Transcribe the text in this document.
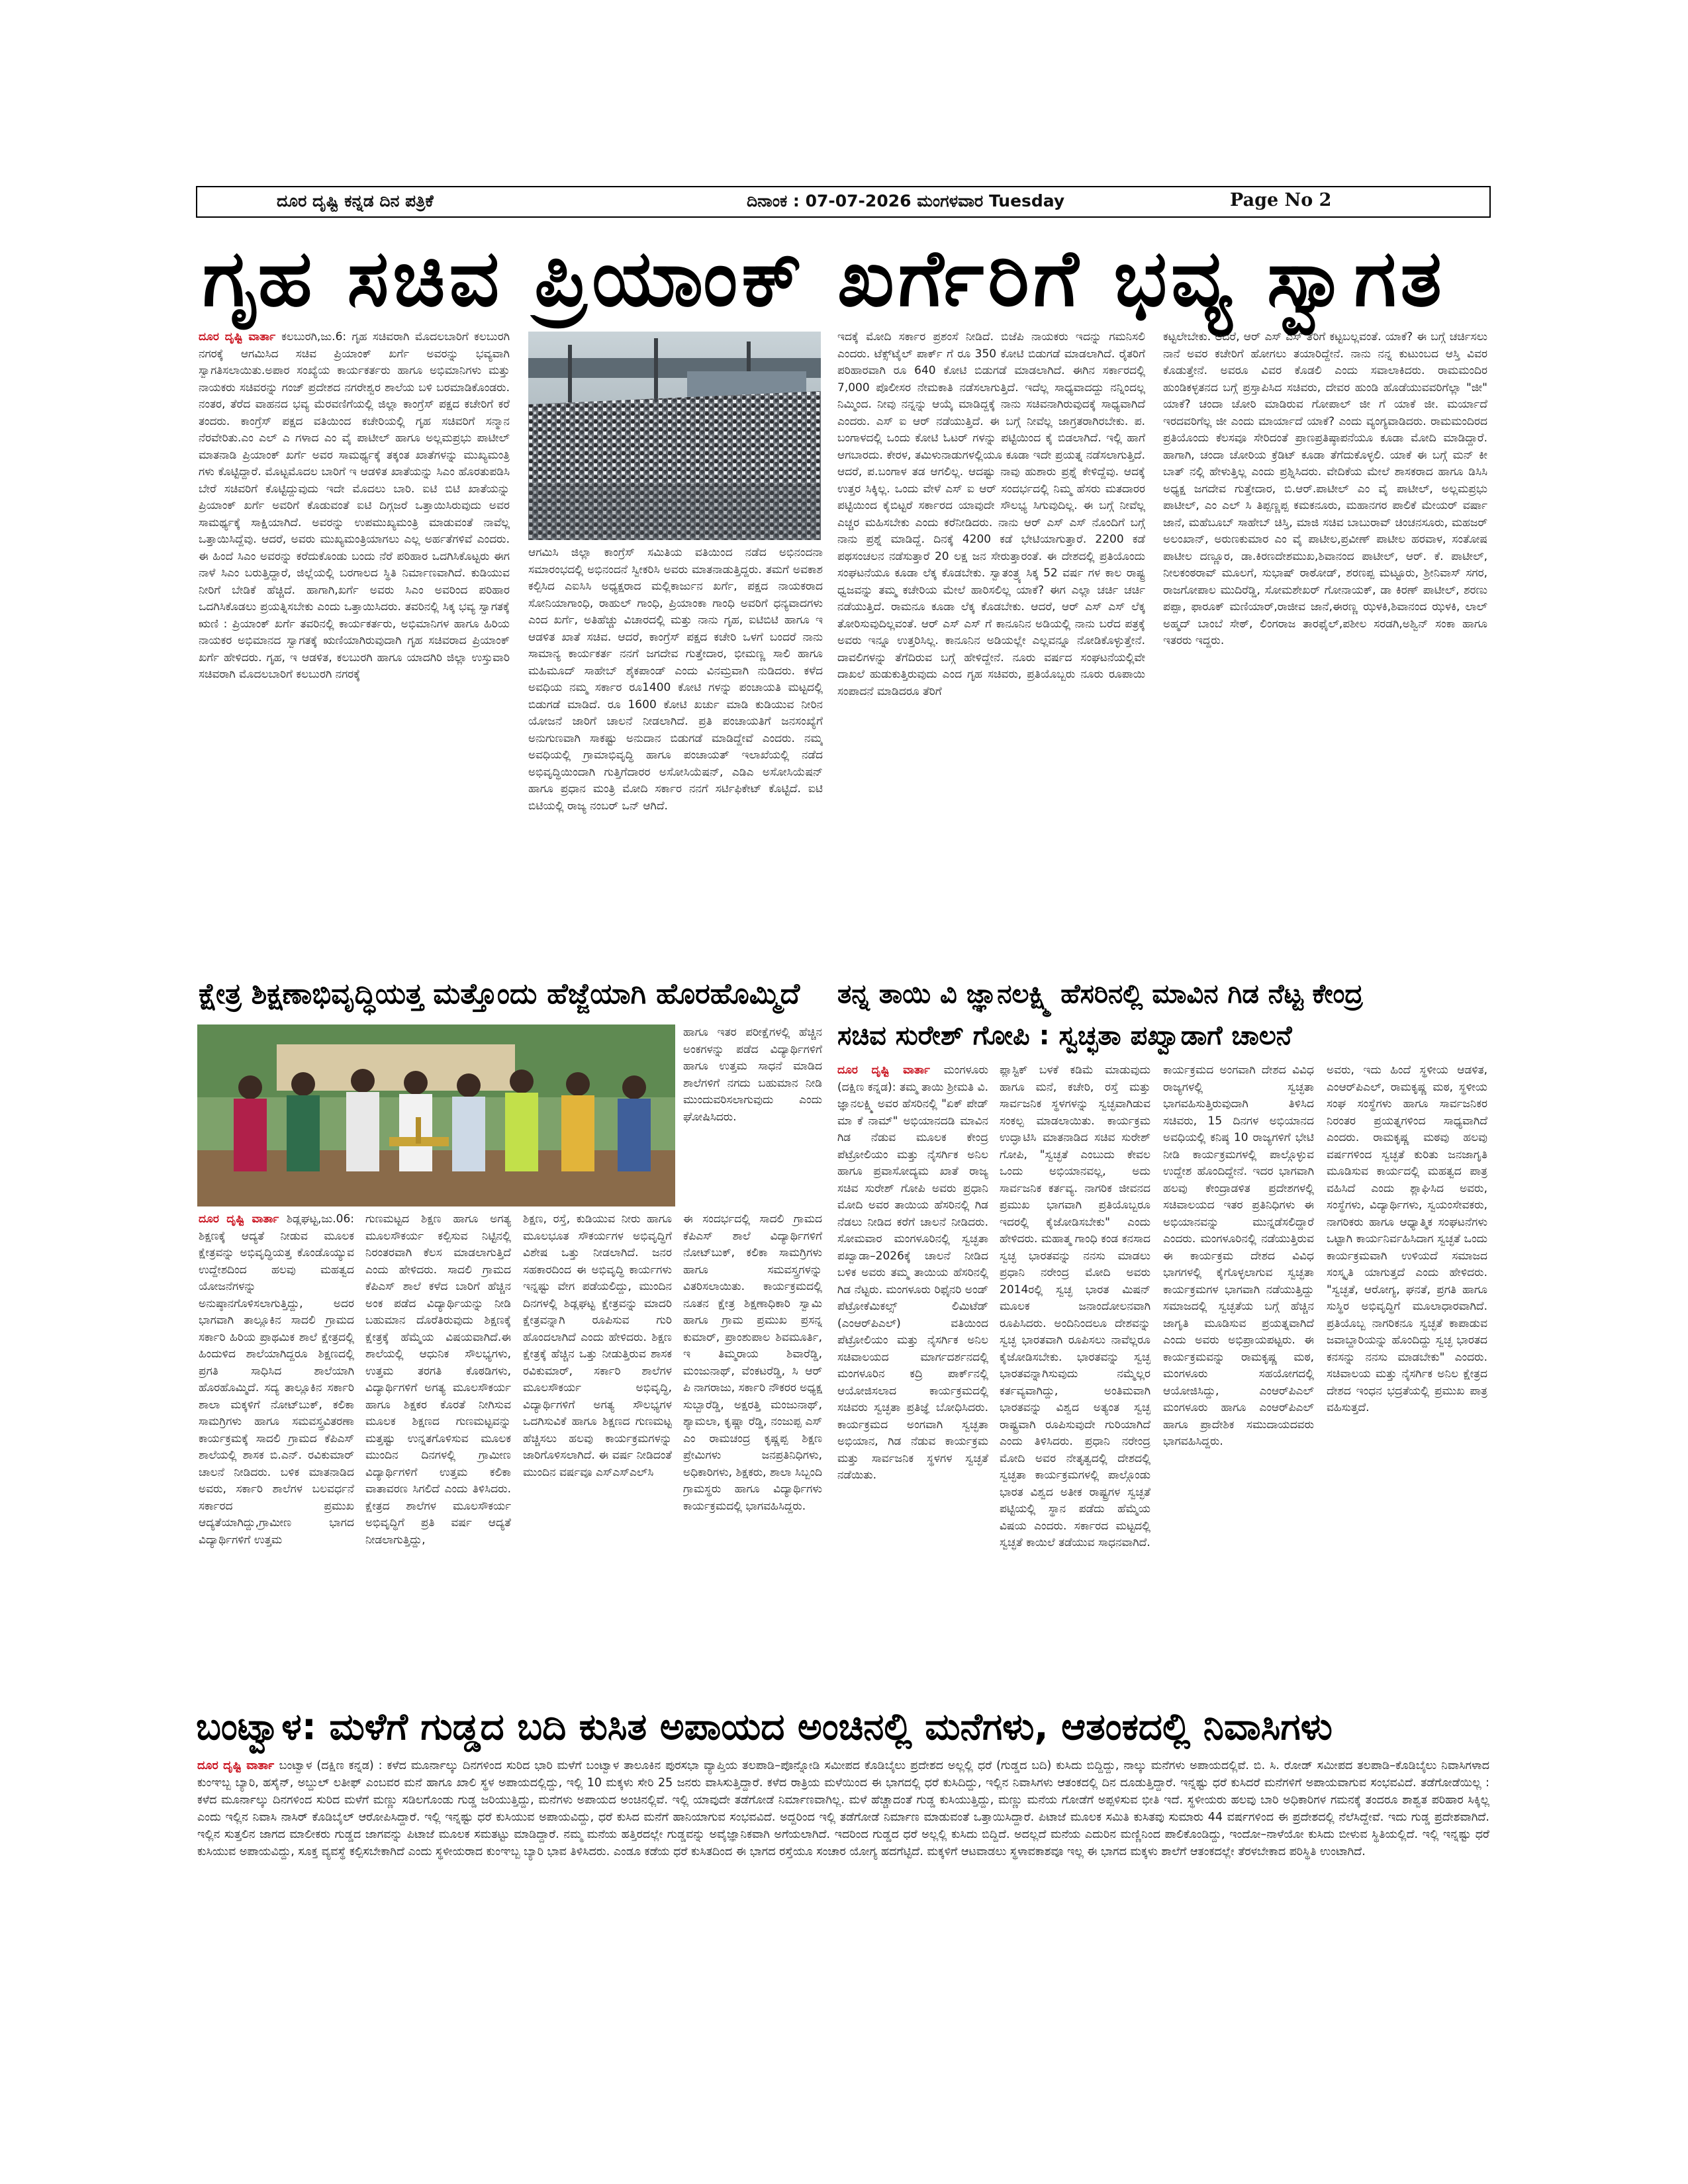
ದೂರ ದೃಷ್ಟಿ ಕನ್ನಡ ದಿನ ಪತ್ರಿಕೆ	ದಿನಾಂಕ : 07-07-2026 ಮಂಗಳವಾರ Tuesday	Page No 2
ಗೃಹ ಸಚಿವ ಪ್ರಿಯಾಂಕ್ ಖರ್ಗೆರಿಗೆ ಭವ್ಯ ಸ್ವಾಗತ
ದೂರ ದೃಷ್ಟಿ ವಾರ್ತಾ ಕಲಬುರಗಿ,ಜು.6: ಗೃಹ ಸಚಿವರಾಗಿ ಮೊದಲಬಾರಿಗೆ ಕಲಬುರಗಿ ನಗರಕ್ಕೆ ಆಗಮಿಸಿದ ಸಚಿವ ಪ್ರಿಯಾಂಕ್ ಖರ್ಗೆ ಅವರನ್ನು ಭವ್ಯವಾಗಿ ಸ್ವಾಗತಿಸಲಾಯಿತು.ಅಪಾರ ಸಂಖ್ಯೆಯ ಕಾರ್ಯಕರ್ತರು ಹಾಗೂ ಅಭಿಮಾನಿಗಳು ಮತ್ತು ನಾಯಕರು ಸಚಿವರನ್ನು ಗಂಜ್ ಪ್ರದೇಶದ ನಗರೇಶ್ವರ ಶಾಲೆಯ ಬಳಿ ಬರಮಾಡಿಕೊಂಡರು. ನಂತರ, ತೆರೆದ ವಾಹನದ ಭವ್ಯ ಮೆರವಣಿಗೆಯಲ್ಲಿ ಜಿಲ್ಲಾ ಕಾಂಗ್ರೆಸ್ ಪಕ್ಷದ ಕಚೇರಿಗೆ ಕರೆ ತಂದರು. ಕಾಂಗ್ರೆಸ್ ಪಕ್ಷದ ವತಿಯಿಂದ ಕಚೇರಿಯಲ್ಲಿ ಗೃಹ ಸಚಿವರಿಗೆ ಸನ್ಮಾನ ನೆರವೇರಿತು.ಎಂ ಎಲ್ ಎ ಗಳಾದ ಎಂ ವೈ ಪಾಟೀಲ್ ಹಾಗೂ ಅಲ್ಲಮಪ್ರಭು ಪಾಟೀಲ್ ಮಾತನಾಡಿ ಪ್ರಿಯಾಂಕ್ ಖರ್ಗೆ ಅವರ ಸಾಮರ್ಥ್ಯಕ್ಕೆ ತಕ್ಕಂತ ಖಾತೆಗಳನ್ನು ಮುಖ್ಯಮಂತ್ರಿ ಗಳು ಕೊಟ್ಟಿದ್ದಾರೆ. ಮೊಟ್ಟಮೊದಲ ಬಾರಿಗೆ ಇ ಆಡಳಿತ ಖಾತೆಯನ್ನು ಸಿಎಂ ಹೊರತುಪಡಿಸಿ ಬೇರೆ ಸಚಿವರಿಗೆ ಕೊಟ್ಟಿದ್ದುವುದು ಇದೇ ಮೊದಲು ಬಾರಿ. ಐಟಿ ಬಿಟಿ ಖಾತೆಯನ್ನು ಪ್ರಿಯಾಂಕ್ ಖರ್ಗೆ ಅವರಿಗೆ ಕೊಡುವಂತೆ ಐಟಿ ದಿಗ್ಗಜರೆ ಒತ್ತಾಯಿಸಿರುವುದು ಅವರ ಸಾಮರ್ಥ್ಯಕ್ಕೆ ಸಾಕ್ಷಿಯಾಗಿದೆ. ಅವರನ್ನು ಉಪಮುಖ್ಯಮಂತ್ರಿ ಮಾಡುವಂತೆ ನಾವೆಲ್ಲ ಒತ್ತಾಯಿಸಿದ್ದೆವು. ಆದರೆ, ಅವರು ಮುಖ್ಯಮಂತ್ರಿಯಾಗಲು ಎಲ್ಲ ಅರ್ಹತೆಗಳಿವೆ ಎಂದರು. ಈ ಹಿಂದೆ ಸಿಎಂ ಅವರನ್ನು ಕರೆದುಕೊಂಡು ಬಂದು ನೆರೆ ಪರಿಹಾರ ಒದಗಿಸಿಕೊಟ್ಟರು ಈಗ ನಾಳೆ ಸಿಎಂ ಬರುತ್ತಿದ್ದಾರೆ, ಜಿಲ್ಲೆಯಲ್ಲಿ ಬರಗಾಲದ ಸ್ಥಿತಿ ನಿರ್ಮಾಣವಾಗಿದೆ. ಕುಡಿಯುವ ನೀರಿಗೆ ಬೇಡಿಕೆ ಹೆಚ್ಚಿದೆ. ಹಾಗಾಗಿ,ಖರ್ಗೆ ಅವರು ಸಿಎಂ ಅವರಿಂದ ಪರಿಹಾರ ಒದಗಿಸಿಕೊಡಲು ಪ್ರಯತ್ನಿಸಬೇಕು ಎಂದು ಒತ್ತಾಯಿಸಿದರು. ತವರಿನಲ್ಲಿ ಸಿಕ್ಕ ಭವ್ಯ ಸ್ವಾಗತಕ್ಕೆ ಋಣಿ : ಪ್ರಿಯಾಂಕ್ ಖರ್ಗೆ ತವರಿನಲ್ಲಿ ಕಾರ್ಯಕರ್ತರು, ಅಭಿಮಾನಿಗಳ ಹಾಗೂ ಹಿರಿಯ ನಾಯಕರ ಅಭಿಮಾನದ ಸ್ವಾಗತಕ್ಕೆ ಋಣಿಯಾಗಿರುವುದಾಗಿ ಗೃಹ ಸಚಿವರಾದ ಪ್ರಿಯಾಂಕ್ ಖರ್ಗೆ ಹೇಳಿದರು. ಗೃಹ, ಇ ಆಡಳಿತ, ಕಲಬುರಗಿ ಹಾಗೂ ಯಾದಗಿರಿ ಜಿಲ್ಲಾ ಉಸ್ತುವಾರಿ ಸಚಿವರಾಗಿ ಮೊದಲಬಾರಿಗೆ ಕಲಬುರಗಿ ನಗರಕ್ಕೆ
ಆಗಮಿಸಿ ಜಿಲ್ಲಾ ಕಾಂಗ್ರೆಸ್ ಸಮಿತಿಯ ವತಿಯಿಂದ ನಡೆದ ಅಭಿನಂದನಾ ಸಮಾರಂಭದಲ್ಲಿ ಅಭಿನಂದನೆ ಸ್ವೀಕರಿಸಿ ಅವರು ಮಾತನಾಡುತ್ತಿದ್ದರು. ತಮಗೆ ಅವಕಾಶ ಕಲ್ಪಿಸಿದ ಎಐಸಿಸಿ ಅಧ್ಯಕ್ಷರಾದ ಮಲ್ಲಿಕಾರ್ಜುನ ಖರ್ಗೆ, ಪಕ್ಷದ ನಾಯಕರಾದ ಸೋನಿಯಾಗಾಂಧಿ, ರಾಹುಲ್ ಗಾಂಧಿ, ಪ್ರಿಯಾಂಕಾ ಗಾಂಧಿ ಅವರಿಗೆ ಧನ್ಯವಾದಗಳು ಎಂದ ಖರ್ಗೆ, ಅತಿಹೆಚ್ಚು ವಿಚಾರದಲ್ಲಿ ಮತ್ತು ನಾನು ಗೃಹ, ಐಟಿಬಿಟಿ ಹಾಗೂ ಇ ಆಡಳಿತ ಖಾತೆ ಸಚಿವ. ಆದರೆ, ಕಾಂಗ್ರೆಸ್ ಪಕ್ಷದ ಕಚೇರಿ ಒಳಗೆ ಬಂದರೆ ನಾನು ಸಾಮಾನ್ಯ ಕಾರ್ಯಕರ್ತ ನನಗೆ ಜಗದೇವ ಗುತ್ತೇದಾರ, ಭೀಮಣ್ಣ ಸಾಲಿ ಹಾಗೂ ಮಹಿಮೂದ್ ಸಾಹೇಬ್ ಶೈಕಪಾಂಡ್ ಎಂದು ವಿನಮ್ರವಾಗಿ ನುಡಿದರು. ಕಳೆದ ಅವಧಿಯ ನಮ್ಮ ಸರ್ಕಾರ ರೂ1400 ಕೋಟಿ ಗಳನ್ನು ಪಂಚಾಯತಿ ಮಟ್ಟದಲ್ಲಿ ಬಿಡುಗಡೆ ಮಾಡಿದೆ. ರೂ 1600 ಕೋಟಿ ಖರ್ಚು ಮಾಡಿ ಕುಡಿಯುವ ನೀರಿನ ಯೋಜನೆ ಜಾರಿಗೆ ಚಾಲನೆ ನೀಡಲಾಗಿದೆ. ಪ್ರತಿ ಪಂಚಾಯತಿಗೆ ಜನಸಂಖ್ಯೆಗೆ ಅನುಗುಣವಾಗಿ ಸಾಕಷ್ಟು ಅನುದಾನ ಬಿಡುಗಡೆ ಮಾಡಿದ್ದೇವೆ ಎಂದರು. ನಮ್ಮ ಅವಧಿಯಲ್ಲಿ ಗ್ರಾಮಾಭಿವೃದ್ಧಿ ಹಾಗೂ ಪಂಚಾಯತ್ ಇಲಾಖೆಯಲ್ಲಿ ನಡೆದ ಅಭಿವೃದ್ಧಿಯಿಂದಾಗಿ ಗುತ್ತಿಗೆದಾರರ ಅಸೋಸಿಯೆಷನ್, ಎಡಿಎ ಅಸೋಸಿಯೆಷನ್ ಹಾಗೂ ಪ್ರಧಾನ ಮಂತ್ರಿ ಮೋದಿ ಸರ್ಕಾರ ನನಗೆ ಸರ್ಟಿಫಿಕೇಟ್ ಕೊಟ್ಟಿದೆ. ಐಟಿ ಬಿಟಿಯಲ್ಲಿ ರಾಜ್ಯ ನಂಬರ್ ಒನ್ ಆಗಿದೆ.
ಇದಕ್ಕೆ ಮೋದಿ ಸರ್ಕಾರ ಪ್ರಶಂಸೆ ನೀಡಿದೆ. ಬಿಜೆಪಿ ನಾಯಕರು ಇದನ್ನು ಗಮನಿಸಲಿ ಎಂದರು. ಟೆಕ್ಸ್‌ಟೈಲ್ ಪಾರ್ಕ್ ಗೆ ರೂ 350 ಕೋಟಿ ಬಿಡುಗಡೆ ಮಾಡಲಾಗಿದೆ. ರೈತರಿಗೆ ಪರಿಹಾರವಾಗಿ ರೂ 640 ಕೋಟಿ ಬಿಡುಗಡೆ ಮಾಡಲಾಗಿದೆ. ಈಗಿನ ಸರ್ಕಾರದಲ್ಲಿ 7,000 ಪೊಲೀಸರ ನೇಮಕಾತಿ ನಡೆಸಲಾಗುತ್ತಿದೆ. ಇದೆಲ್ಲ ಸಾಧ್ಯವಾದದ್ದು ನನ್ನಿಂದಲ್ಲ ನಿಮ್ಮಿಂದ. ನೀವು ನನ್ನನ್ನು ಆಯ್ಕೆ ಮಾಡಿದ್ದಕ್ಕೆ ನಾನು ಸಚಿವನಾಗಿರುವುದಕ್ಕೆ ಸಾಧ್ಯವಾಗಿದೆ ಎಂದರು. ಎಸ್ ಐ ಆರ್ ನಡೆಯುತ್ತಿದೆ. ಈ ಬಗ್ಗೆ ನೀವೆಲ್ಲ ಜಾಗ್ರತರಾಗಿರಬೇಕು. ಪ. ಬಂಗಾಳದಲ್ಲಿ ಒಂದು ಕೋಟಿ ಓಟರ್ ಗಳನ್ನು ಪಟ್ಟಿಯಿಂದ ಕೈ ಬಿಡಲಾಗಿದೆ. ಇಲ್ಲಿ ಹಾಗೆ ಆಗಬಾರದು. ಕೇರಳ, ತಮಿಳುನಾಡುಗಳಲ್ಲಿಯೂ ಕೂಡಾ ಇದೇ ಪ್ರಯತ್ನ ನಡೆಸಲಾಗುತ್ತಿದೆ. ಆದರೆ, ಪ.ಬಂಗಾಳ ತಡ ಆಗಲಿಲ್ಲ. ಆದಷ್ಟು ನಾವು ಹುಶಾರು ಪ್ರಶ್ನೆ ಕೇಳಿದ್ದೆವು. ಆದಕ್ಕೆ ಉತ್ತರ ಸಿಕ್ಕಿಲ್ಲ. ಒಂದು ವೇಳೆ ಎಸ್ ಐ ಆರ್ ಸಂದರ್ಭದಲ್ಲಿ ನಿಮ್ಮ ಹೆಸರು ಮತದಾರರ ಪಟ್ಟಿಯಿಂದ ಕೈಬಿಟ್ಟರೆ ಸರ್ಕಾರದ ಯಾವುದೇ ಸೌಲಭ್ಯ ಸಿಗುವುದಿಲ್ಲ. ಈ ಬಗ್ಗೆ ನೀವೆಲ್ಲ ಎಚ್ಚರ ಮಹಿಸಬೇಕು ಎಂದು ಕರೆನೀಡಿದರು. ನಾನು ಆರ್ ಎಸ್ ಎಸ್ ನೊಂದಿಗೆ ಬಗ್ಗೆ ನಾನು ಪ್ರಶ್ನೆ ಮಾಡಿದ್ದೆ. ದಿನಕ್ಕೆ 4200 ಕಡೆ ಭೇಟಿಯಾಗುತ್ತಾರೆ. 2200 ಕಡೆ ಪಥಸಂಚಲನ ನಡೆಸುತ್ತಾರೆ 20 ಲಕ್ಷ ಜನ ಸೇರುತ್ತಾರಂತೆ. ಈ ದೇಶದಲ್ಲಿ ಪ್ರತಿಯೊಂದು ಸಂಘಟನೆಯೂ ಕೂಡಾ ಲೆಕ್ಕ ಕೊಡಬೇಕು. ಸ್ವಾತಂತ್ರ್ಯ ಸಿಕ್ಕ 52 ವರ್ಷ ಗಳ ಕಾಲ ರಾಷ್ಟ್ರ ಧ್ವಜವನ್ನು ತಮ್ಮ ಕಚೇರಿಯ ಮೇಲೆ ಹಾರಿಸಲಿಲ್ಲ ಯಾಕೆ? ಈಗ ಎಲ್ಲಾ ಚರ್ಚಿ ಚರ್ಚಿ ನಡೆಯುತ್ತಿದೆ. ರಾಮನೂ ಕೂಡಾ ಲೆಕ್ಕ ಕೊಡಬೇಕು. ಆದರೆ, ಆರ್ ಎಸ್ ಎಸ್ ಲೆಕ್ಕ ತೋರಿಸುವುದಿಲ್ಲವಂತೆ. ಆರ್ ಎಸ್ ಎಸ್ ಗೆ ಕಾನೂನಿನ ಅಡಿಯಲ್ಲಿ ನಾನು ಬರೆದ ಪತ್ರಕ್ಕೆ ಅವರು ಇನ್ನೂ ಉತ್ತರಿಸಿಲ್ಲ. ಕಾನೂನಿನ ಅಡಿಯಲ್ಲೇ ಎಲ್ಲವನ್ನೂ ನೋಡಿಕೊಳ್ಳುತ್ತೇನೆ. ದಾವಲಿಗಳನ್ನು ತೆಗೆದಿರುವ ಬಗ್ಗೆ ಹೇಳಿದ್ದೇನೆ. ನೂರು ವರ್ಷದ ಸಂಘಟನೆಯಲ್ಲಿವೇ ದಾಖಲೆ ಹುಡುಕುತ್ತಿರುವುದು ಎಂದ ಗೃಹ ಸಚಿವರು, ಪ್ರತಿಯೊಬ್ಬರು ನೂರು ರೂಪಾಯಿ ಸಂಪಾದನೆ ಮಾಡಿದರೂ ತೆರಿಗೆ
ಕಟ್ಟಲೇಬೇಕು. ಆದರೆ, ಆರ್ ಎಸ್ ಎಸ್ ತೆರಿಗೆ ಕಟ್ಟಬಲ್ಲವಂತೆ. ಯಾಕೆ? ಈ ಬಗ್ಗೆ ಚರ್ಚಿಸಲು ನಾನೆ ಅವರ ಕಚೇರಿಗೆ ಹೋಗಲು ತಯಾರಿದ್ದೇನೆ. ನಾನು ನನ್ನ ಕುಟುಂಬದ ಆಸ್ತಿ ವಿವರ ಕೊಡುತ್ತೇನೆ. ಅವರೂ ವಿವರ ಕೊಡಲಿ ಎಂದು ಸವಾಲಾಕಿದರು. ರಾಮಮಂದಿರ ಹುಂಡಿಕಳ್ಳತನದ ಬಗ್ಗೆ ಪ್ರಸ್ತಾಪಿಸಿದ ಸಚಿವರು, ದೇವರ ಹುಂಡಿ ಹೊಡೆಯುವವರಿಗೆಲ್ಲಾ "ಜೀ" ಯಾಕೆ? ಚಂದಾ ಚೋರಿ ಮಾಡಿರುವ ಗೋಪಾಲ್ ಜೀ ಗೆ ಯಾಕೆ ಜೀ. ಮರ್ಯಾದೆ ಇರದವರಿಗೆಲ್ಲ ಜೀ ಎಂದು ಮಾರ್ಯಾದೆ ಯಾಕೆ? ಎಂದು ವ್ಯಂಗ್ಯವಾಡಿದರು. ರಾಮಮಂದಿರದ ಪ್ರತಿಯೊಂದು ಕೆಲಸವೂ ಸೇರಿದಂತೆ ಪ್ರಾಣಪ್ರತಿಷ್ಠಾಪನೆಯೂ ಕೂಡಾ ಮೋದಿ ಮಾಡಿದ್ದಾರೆ. ಹಾಗಾಗಿ, ಚಂದಾ ಚೋರಿಯ ಕ್ರೆಡಿಟ್ ಕೂಡಾ ತೆಗೆದುಕೊಳ್ಳಲಿ. ಯಾಕೆ ಈ ಬಗ್ಗೆ ಮನ್ ಕೀ ಬಾತ್ ನಲ್ಲಿ ಹೇಳುತ್ತಿಲ್ಲ ಎಂದು ಪ್ರಶ್ನಿಸಿದರು. ವೇದಿಕೆಯ ಮೇಲೆ ಶಾಸಕರಾದ ಹಾಗೂ ಡಿಸಿಸಿ ಅಧ್ಯಕ್ಷ ಜಗದೇವ ಗುತ್ತೇದಾರ, ಬಿ.ಆರ್.ಪಾಟೀಲ್ ಎಂ ವೈ ಪಾಟೀಲ್, ಅಲ್ಲಮಪ್ರಭು ಪಾಟೀಲ್, ಎಂ ಎಲ್ ಸಿ ತಿಪ್ಪಣ್ಣಪ್ಪ ಕಮಕನೂರು, ಮಹಾನಗರ ಪಾಲಿಕೆ ಮೇಯರ್ ವರ್ಷಾ ಜಾನೆ, ಮಹೆಬೂಬ್ ಸಾಹೇಬ್ ಚಿಸ್ತಿ, ಮಾಜಿ ಸಚಿವ ಬಾಬುರಾವ್ ಚಿಂಚನಸೂರು, ಮಹಜರ್ ಅಲಂಖಾನ್, ಅರುಣಕುಮಾರ ಎಂ ವೈ ಪಾಟೀಲ,ಪ್ರವೀಣ್ ಪಾಟೀಲ ಹರವಾಳ, ಸಂತೋಷ ಪಾಟೀಲ ದಣ್ಣೂರ, ಡಾ.ಕಿರಣದೇಶಮುಖ,ಶಿವಾನಂದ ಪಾಟೀಲ್, ಆರ್. ಕೆ. ಪಾಟೀಲ್, ನೀಲಕಂಠರಾವ್ ಮೂಲಗೆ, ಸುಭಾಷ್ ರಾಠೋಡ್, ಶರಣಪ್ಪ ಮಟ್ಟೂರು, ಶ್ರೀನಿವಾಸ್ ಸಗರ, ರಾಜಗೋಪಾಲ ಮುದಿರೆಡ್ಡಿ, ಸೋಮಶೇಖರ್ ಗೋನಾಯಕ್, ಡಾ ಕಿರಣ್ ಪಾಟೀಲ್, ಶರಣು ಪಪ್ಪಾ, ಫಾರೂಕ್ ಮಣಿಯಾರ್,ರಾಜೀವ ಜಾನೆ,ಈರಣ್ಣ ಝಳಕಿ,ಶಿವಾನಂದ ಝಳಕಿ, ಲಾಲ್ ಅಹ್ಮದ್ ಬಾಂಬೆ ಸೇಠ್, ಲಿಂಗರಾಜ ತಾರಫೈಲ್,ಪಶೀಲ ಸರಡಗಿ,ಅಶ್ವಿನ್ ಸಂಕಾ ಹಾಗೂ ಇತರರು ಇದ್ದರು.
ಕ್ಷೇತ್ರ ಶಿಕ್ಷಣಾಭಿವೃದ್ಧಿಯತ್ತ ಮತ್ತೊಂದು ಹೆಜ್ಜೆಯಾಗಿ ಹೊರಹೊಮ್ಮಿದೆ
ಹಾಗೂ ಇತರ ಪರೀಕ್ಷೆಗಳಲ್ಲಿ ಹೆಚ್ಚಿನ ಅಂಕಗಳನ್ನು ಪಡೆದ ವಿದ್ಯಾರ್ಥಿಗಳಿಗೆ ಹಾಗೂ ಉತ್ತಮ ಸಾಧನೆ ಮಾಡಿದ ಶಾಲೆಗಳಿಗೆ ನಗದು ಬಹುಮಾನ ನೀಡಿ ಮುಂದುವರಿಸಲಾಗುವುದು ಎಂದು ಘೋಷಿಸಿದರು.
ದೂರ ದೃಷ್ಟಿ ವಾರ್ತಾ ಶಿಡ್ಲಘಟ್ಟ,ಜು.06: ಶಿಕ್ಷಣಕ್ಕೆ ಆದ್ಯತೆ ನೀಡುವ ಮೂಲಕ ಕ್ಷೇತ್ರವನ್ನು ಅಭಿವೃದ್ಧಿಯತ್ತ ಕೊಂಡೊಯ್ಯುವ ಉದ್ದೇಶದಿಂದ ಹಲವು ಮಹತ್ವದ ಯೋಜನೆಗಳನ್ನು ಅನುಷ್ಠಾನಗೊಳಿಸಲಾಗುತ್ತಿದ್ದು, ಅದರ ಭಾಗವಾಗಿ ತಾಲ್ಲೂಕಿನ ಸಾದಲಿ ಗ್ರಾಮದ ಸರ್ಕಾರಿ ಹಿರಿಯ ಪ್ರಾಥಮಿಕ ಶಾಲೆ ಕ್ಷೇತ್ರದಲ್ಲಿ ಹಿಂದುಳಿದ ಶಾಲೆಯಾಗಿದ್ದರೂ ಶಿಕ್ಷಣದಲ್ಲಿ ಪ್ರಗತಿ ಸಾಧಿಸಿದ ಶಾಲೆಯಾಗಿ ಹೊರಹೊಮ್ಮಿದೆ. ಸದ್ಯ ತಾಲ್ಲೂಕಿನ ಸರ್ಕಾರಿ ಶಾಲಾ ಮಕ್ಕಳಿಗೆ ನೋಟ್‌ಬುಕ್, ಕಲಿಕಾ ಸಾಮಗ್ರಿಗಳು ಹಾಗೂ ಸಮವಸ್ತ್ರವಿತರಣಾ ಕಾರ್ಯಕ್ರಮಕ್ಕೆ ಸಾದಲಿ ಗ್ರಾಮದ ಕೆಪಿಎಸ್ ಶಾಲೆಯಲ್ಲಿ ಶಾಸಕ ಬಿ.ಎನ್. ರವಿಕುಮಾರ್ ಚಾಲನೆ ನೀಡಿದರು. ಬಳಿಕ ಮಾತನಾಡಿದ ಅವರು, ಸರ್ಕಾರಿ ಶಾಲೆಗಳ ಬಲವರ್ಧನೆ ಸರ್ಕಾರದ ಪ್ರಮುಖ ಆದ್ಯತೆಯಾಗಿದ್ದು,ಗ್ರಾಮೀಣ ಭಾಗದ ವಿದ್ಯಾರ್ಥಿಗಳಿಗೆ ಉತ್ತಮ
ಗುಣಮಟ್ಟದ ಶಿಕ್ಷಣ ಹಾಗೂ ಅಗತ್ಯ ಮೂಲಸೌಕರ್ಯ ಕಲ್ಪಿಸುವ ನಿಟ್ಟಿನಲ್ಲಿ ನಿರಂತರವಾಗಿ ಕೆಲಸ ಮಾಡಲಾಗುತ್ತಿದೆ ಎಂದು ಹೇಳಿದರು. ಸಾದಲಿ ಗ್ರಾಮದ ಕೆಪಿಎಸ್ ಶಾಲೆ ಕಳೆದ ಬಾರಿಗೆ ಹೆಚ್ಚಿನ ಅಂಕ ಪಡೆದ ವಿದ್ಯಾರ್ಥಿಯನ್ನು ನೀಡಿ ಬಹುಮಾನ ದೊರೆತಿರುವುದು ಶಿಕ್ಷಣಕ್ಕೆ ಕ್ಷೇತ್ರಕ್ಕೆ ಹೆಮ್ಮೆಯ ವಿಷಯವಾಗಿದೆ.ಈ ಶಾಲೆಯಲ್ಲಿ ಆಧುನಿಕ ಸೌಲಭ್ಯಗಳು, ಉತ್ತಮ ತರಗತಿ ಕೊಠಡಿಗಳು, ವಿದ್ಯಾರ್ಥಿಗಳಿಗೆ ಅಗತ್ಯ ಮೂಲಸೌಕರ್ಯ ಹಾಗೂ ಶಿಕ್ಷಕರ ಕೊರತೆ ನೀಗಿಸುವ ಮೂಲಕ ಶಿಕ್ಷಣದ ಗುಣಮಟ್ಟವನ್ನು ಮತ್ತಷ್ಟು ಉನ್ನತಗೊಳಿಸುವ ಮೂಲಕ ಮುಂದಿನ ದಿನಗಳಲ್ಲಿ ಗ್ರಾಮೀಣ ವಿದ್ಯಾರ್ಥಿಗಳಿಗೆ ಉತ್ತಮ ಕಲಿಕಾ ವಾತಾವರಣ ಸಿಗಲಿದೆ ಎಂದು ತಿಳಿಸಿದರು. ಕ್ಷೇತ್ರದ ಶಾಲೆಗಳ ಮೂಲಸೌಕರ್ಯ ಅಭಿವೃದ್ಧಿಗೆ ಪ್ರತಿ ವರ್ಷ ಆದ್ಯತೆ ನೀಡಲಾಗುತ್ತಿದ್ದು,
ಶಿಕ್ಷಣ, ರಸ್ತೆ, ಕುಡಿಯುವ ನೀರು ಹಾಗೂ ಮೂಲಭೂತ ಸೌಕರ್ಯಗಳ ಅಭಿವೃದ್ಧಿಗೆ ವಿಶೇಷ ಒತ್ತು ನೀಡಲಾಗಿದೆ. ಜನರ ಸಹಕಾರದಿಂದ ಈ ಅಭಿವೃದ್ಧಿ ಕಾರ್ಯಗಳು ಇನ್ನಷ್ಟು ವೇಗ ಪಡೆಯಲಿದ್ದು, ಮುಂದಿನ ದಿನಗಳಲ್ಲಿ ಶಿಡ್ಲಘಟ್ಟ ಕ್ಷೇತ್ರವನ್ನು ಮಾದರಿ ಕ್ಷೇತ್ರವನ್ನಾಗಿ ರೂಪಿಸುವ ಗುರಿ ಹೊಂದಲಾಗಿದೆ ಎಂದು ಹೇಳಿದರು. ಶಿಕ್ಷಣ ಕ್ಷೇತ್ರಕ್ಕೆ ಹೆಚ್ಚಿನ ಒತ್ತು ನೀಡುತ್ತಿರುವ ಶಾಸಕ ರವಿಕುಮಾರ್, ಸರ್ಕಾರಿ ಶಾಲೆಗಳ ಮೂಲಸೌಕರ್ಯ ಅಭಿವೃದ್ಧಿ, ವಿದ್ಯಾರ್ಥಿಗಳಿಗೆ ಅಗತ್ಯ ಸೌಲಭ್ಯಗಳ ಒದಗಿಸುವಿಕೆ ಹಾಗೂ ಶಿಕ್ಷಣದ ಗುಣಮಟ್ಟ ಹೆಚ್ಚಿಸಲು ಹಲವು ಕಾರ್ಯಕ್ರಮಗಳನ್ನು ಜಾರಿಗೊಳಿಸಲಾಗಿದೆ. ಈ ವರ್ಷ ನೀಡಿದಂತೆ ಮುಂದಿನ ವರ್ಷವೂ ಎಸ್‌ಎಸ್‌ಎಲ್‌ಸಿ
ಈ ಸಂದರ್ಭದಲ್ಲಿ ಸಾದಲಿ ಗ್ರಾಮದ ಕೆಪಿಎಸ್ ಶಾಲೆ ವಿದ್ಯಾರ್ಥಿಗಳಿಗೆ ನೋಟ್‌ಬುಕ್, ಕಲಿಕಾ ಸಾಮಗ್ರಿಗಳು ಹಾಗೂ ಸಮವಸ್ತ್ರಗಳನ್ನು ವಿತರಿಸಲಾಯಿತು. ಕಾರ್ಯಕ್ರಮದಲ್ಲಿ ನೂತನ ಕ್ಷೇತ್ರ ಶಿಕ್ಷಣಾಧಿಕಾರಿ ಸ್ವಾಮಿ ಹಾಗೂ ಗ್ರಾಮ ಪ್ರಮುಖ ಪ್ರಸನ್ನ ಕುಮಾರ್, ಪ್ರಾಂಶುಪಾಲ ಶಿವಮೂರ್ತಿ, ಇ ತಿಮ್ಮರಾಯ ಶಿವಾರೆಡ್ಡಿ, ಮಂಜುನಾಥ್, ವೆಂಕಟರೆಡ್ಡಿ, ಸಿ ಆರ್ ಪಿ ನಾಗರಾಜು, ಸರ್ಕಾರಿ ನೌಕರರ ಅಧ್ಯಕ್ಷ ಸುಬ್ಬಾರೆಡ್ಡಿ, ಅಕ್ಷರತ್ತಿ ಮಂಜುನಾಥ್, ಶ್ಯಾಮಲಾ, ಕೃಷ್ಣಾ ರೆಡ್ಡಿ, ನಂಜುಪ್ಪ ಎಸ್ ಎಂ ರಾಮಚಂದ್ರ ಕೃಷ್ಣಪ್ಪ ಶಿಕ್ಷಣ ಪ್ರೇಮಿಗಳು ಜನಪ್ರತಿನಿಧಿಗಳು, ಅಧಿಕಾರಿಗಳು, ಶಿಕ್ಷಕರು, ಶಾಲಾ ಸಿಬ್ಬಂದಿ ಗ್ರಾಮಸ್ಥರು ಹಾಗೂ ವಿದ್ಯಾರ್ಥಿಗಳು ಕಾರ್ಯಕ್ರಮದಲ್ಲಿ ಭಾಗವಹಿಸಿದ್ದರು.
ತನ್ನ ತಾಯಿ ವಿ ಜ್ಞಾನಲಕ್ಷ್ಮಿ ಹೆಸರಿನಲ್ಲಿ ಮಾವಿನ ಗಿಡ ನೆಟ್ಟ ಕೇಂದ್ರ
ಸಚಿವ ಸುರೇಶ್ ಗೋಪಿ : ಸ್ವಚ್ಛತಾ ಪಖ್ವಾಡಾಗೆ ಚಾಲನೆ
ದೂರ ದೃಷ್ಟಿ ವಾರ್ತಾ ಮಂಗಳೂರು (ದಕ್ಷಿಣ ಕನ್ನಡ): ತಮ್ಮ ತಾಯಿ ಶ್ರೀಮತಿ ವಿ. ಜ್ಞಾನಲಕ್ಷ್ಮಿ ಅವರ ಹೆಸರಿನಲ್ಲಿ "ಏಕ್ ಪೇಡ್ ಮಾ ಕೆ ನಾಮ್" ಅಭಿಯಾನದಡಿ ಮಾವಿನ ಗಿಡ ನೆಡುವ ಮೂಲಕ ಕೇಂದ್ರ ಪೆಟ್ರೋಲಿಯಂ ಮತ್ತು ನೈಸರ್ಗಿಕ ಅನಿಲ ಹಾಗೂ ಪ್ರವಾಸೋದ್ಯಮ ಖಾತೆ ರಾಜ್ಯ ಸಚಿವ ಸುರೇಶ್ ಗೋಪಿ ಅವರು ಪ್ರಧಾನಿ ಮೋದಿ ಅವರ ತಾಯಿಯ ಹೆಸರಿನಲ್ಲಿ ಗಿಡ ನೆಡಲು ನೀಡಿದ ಕರೆಗೆ ಚಾಲನೆ ನೀಡಿದರು. ಸೋಮವಾರ ಮಂಗಳೂರಿನಲ್ಲಿ ಸ್ವಚ್ಛತಾ ಪಖ್ವಾಡಾ–2026ಕ್ಕೆ ಚಾಲನೆ ನೀಡಿದ ಬಳಿಕ ಅವರು ತಮ್ಮ ತಾಯಿಯ ಹೆಸರಿನಲ್ಲಿ ಗಿಡ ನೆಟ್ಟರು. ಮಂಗಳೂರು ರಿಫೈನರಿ ಅಂಡ್ ಪೆಟ್ರೋಕೆಮಿಕಲ್ಸ್ ಲಿಮಿಟೆಡ್ (ಎಂಆರ್‌ಪಿಎಲ್) ವತಿಯಿಂದ ಪೆಟ್ರೋಲಿಯಂ ಮತ್ತು ನೈಸರ್ಗಿಕ ಅನಿಲ ಸಚಿವಾಲಯದ ಮಾರ್ಗದರ್ಶನದಲ್ಲಿ ಮಂಗಳೂರಿನ ಕದ್ರಿ ಪಾರ್ಕ್‌ನಲ್ಲಿ ಆಯೋಜಿಸಲಾದ ಕಾರ್ಯಕ್ರಮದಲ್ಲಿ ಸಚಿವರು ಸ್ವಚ್ಛತಾ ಪ್ರತಿಜ್ಞೆ ಬೋಧಿಸಿದರು. ಕಾರ್ಯಕ್ರಮದ ಅಂಗವಾಗಿ ಸ್ವಚ್ಛತಾ ಅಭಿಯಾನ, ಗಿಡ ನೆಡುವ ಕಾರ್ಯಕ್ರಮ ಮತ್ತು ಸಾರ್ವಜನಿಕ ಸ್ಥಳಗಳ ಸ್ವಚ್ಛತೆ ನಡೆಯಿತು.
ಪ್ಲಾಸ್ಟಿಕ್ ಬಳಕೆ ಕಡಿಮೆ ಮಾಡುವುದು ಹಾಗೂ ಮನೆ, ಕಚೇರಿ, ರಸ್ತೆ ಮತ್ತು ಸಾರ್ವಜನಿಕ ಸ್ಥಳಗಳನ್ನು ಸ್ವಚ್ಛವಾಗಿಡುವ ಸಂಕಲ್ಪ ಮಾಡಲಾಯಿತು. ಕಾರ್ಯಕ್ರಮ ಉದ್ಘಾಟಿಸಿ ಮಾತನಾಡಿದ ಸಚಿವ ಸುರೇಶ್ ಗೋಪಿ, "ಸ್ವಚ್ಛತೆ ಎಂಬುದು ಕೇವಲ ಒಂದು ಅಭಿಯಾನವಲ್ಲ, ಅದು ಸಾರ್ವಜನಿಕ ಕರ್ತವ್ಯ. ನಾಗರಿಕ ಜೀವನದ ಪ್ರಮುಖ ಭಾಗವಾಗಿ ಪ್ರತಿಯೊಬ್ಬರೂ ಇದರಲ್ಲಿ ಕೈಜೋಡಿಸಬೇಕು" ಎಂದು ಹೇಳಿದರು. ಮಹಾತ್ಮ ಗಾಂಧಿ ಕಂಡ ಕನಸಾದ ಸ್ವಚ್ಛ ಭಾರತವನ್ನು ನನಸು ಮಾಡಲು ಪ್ರಧಾನಿ ನರೇಂದ್ರ ಮೋದಿ ಅವರು 2014ರಲ್ಲಿ ಸ್ವಚ್ಛ ಭಾರತ ಮಿಷನ್ ಮೂಲಕ ಜನಾಂದೋಲನವಾಗಿ ರೂಪಿಸಿದರು. ಅಂದಿನಿಂದಲೂ ದೇಶವನ್ನು ಸ್ವಚ್ಛ ಭಾರತವಾಗಿ ರೂಪಿಸಲು ನಾವೆಲ್ಲರೂ ಕೈಜೋಡಿಸಬೇಕು. ಭಾರತವನ್ನು ಸ್ವಚ್ಛ ಭಾರತವನ್ನಾಗಿಸುವುದು ನಮ್ಮೆಲ್ಲರ ಕರ್ತವ್ಯವಾಗಿದ್ದು, ಅಂತಿಮವಾಗಿ ಭಾರತವನ್ನು ವಿಶ್ವದ ಅತ್ಯಂತ ಸ್ವಚ್ಛ ರಾಷ್ಟ್ರವಾಗಿ ರೂಪಿಸುವುದೇ ಗುರಿಯಾಗಿದೆ ಎಂದು ತಿಳಿಸಿದರು. ಪ್ರಧಾನಿ ನರೇಂದ್ರ ಮೋದಿ ಅವರ ನೇತೃತ್ವದಲ್ಲಿ ದೇಶದಲ್ಲಿ ಸ್ವಚ್ಛತಾ ಕಾರ್ಯಕ್ರಮಗಳಲ್ಲಿ ಪಾಲ್ಗೊಂಡು ಭಾರತ ವಿಶ್ವದ ಅತೀಕ ರಾಷ್ಟ್ರಗಳ ಸ್ವಚ್ಛತೆ ಪಟ್ಟಿಯಲ್ಲಿ ಸ್ಥಾನ ಪಡೆದು ಹೆಮ್ಮೆಯ ವಿಷಯ ಎಂದರು. ಸರ್ಕಾರದ ಮಟ್ಟದಲ್ಲಿ ಸ್ವಚ್ಛತೆ ಕಾಯಿಲೆ ತಡೆಯುವ ಸಾಧನವಾಗಿದೆ.
ಕಾರ್ಯಕ್ರಮದ ಅಂಗವಾಗಿ ದೇಶದ ವಿವಿಧ ರಾಜ್ಯಗಳಲ್ಲಿ ಸ್ವಚ್ಛತಾ ಭಾಗವಹಿಸುತ್ತಿರುವುದಾಗಿ ತಿಳಿಸಿದ ಸಚಿವರು, 15 ದಿನಗಳ ಅಭಿಯಾನದ ಅವಧಿಯಲ್ಲಿ ಕನಿಷ್ಠ 10 ರಾಜ್ಯಗಳಿಗೆ ಭೇಟಿ ನೀಡಿ ಕಾರ್ಯಕ್ರಮಗಳಲ್ಲಿ ಪಾಲ್ಗೊಳ್ಳುವ ಉದ್ದೇಶ ಹೊಂದಿದ್ದೇನೆ. ಇದರ ಭಾಗವಾಗಿ ಹಲವು ಕೇಂದ್ರಾಡಳಿತ ಪ್ರದೇಶಗಳಲ್ಲಿ ಸಚಿವಾಲಯದ ಇತರ ಪ್ರತಿನಿಧಿಗಳು ಈ ಅಭಿಯಾನವನ್ನು ಮುನ್ನಡೆಸಲಿದ್ದಾರೆ ಎಂದರು. ಮಂಗಳೂರಿನಲ್ಲಿ ನಡೆಯುತ್ತಿರುವ ಈ ಕಾರ್ಯಕ್ರಮ ದೇಶದ ವಿವಿಧ ಭಾಗಗಳಲ್ಲಿ ಕೈಗೊಳ್ಳಲಾಗುವ ಸ್ವಚ್ಛತಾ ಕಾರ್ಯಕ್ರಮಗಳ ಭಾಗವಾಗಿ ನಡೆಯುತ್ತಿದ್ದು ಸಮಾಜದಲ್ಲಿ ಸ್ವಚ್ಛತೆಯ ಬಗ್ಗೆ ಹೆಚ್ಚಿನ ಜಾಗೃತಿ ಮೂಡಿಸುವ ಪ್ರಯತ್ನವಾಗಿದೆ ಎಂದು ಅವರು ಅಭಿಪ್ರಾಯಪಟ್ಟರು. ಈ ಕಾರ್ಯಕ್ರಮವನ್ನು ರಾಮಕೃಷ್ಣ ಮಠ, ಮಂಗಳೂರು ಸಹಯೋಗದಲ್ಲಿ ಆಯೋಜಿಸಿದ್ದು, ಎಂಆರ್‌ಪಿಎಲ್ ಮಂಗಳೂರು ಹಾಗೂ ಎಂಆರ್‌ಪಿಎಲ್ ಹಾಗೂ ಪ್ರಾದೇಶಿಕ ಸಮುದಾಯದವರು ಭಾಗವಹಿಸಿದ್ದರು.
ಅವರು, ಇದು ಹಿಂದೆ ಸ್ಥಳೀಯ ಆಡಳಿತ, ಎಂಆರ್‌ಪಿಎಲ್, ರಾಮಕೃಷ್ಣ ಮಠ, ಸ್ಥಳೀಯ ಸಂಘ ಸಂಸ್ಥೆಗಳು ಹಾಗೂ ಸಾರ್ವಜನಿಕರ ನಿರಂತರ ಪ್ರಯತ್ನಗಳಿಂದ ಸಾಧ್ಯವಾಗಿದೆ ಎಂದರು. ರಾಮಕೃಷ್ಣ ಮಠವು ಹಲವು ವರ್ಷಗಳಿಂದ ಸ್ವಚ್ಛತೆ ಕುರಿತು ಜನಜಾಗೃತಿ ಮೂಡಿಸುವ ಕಾರ್ಯದಲ್ಲಿ ಮಹತ್ವದ ಪಾತ್ರ ವಹಿಸಿದೆ ಎಂದು ಶ್ಲಾಘಿಸಿದ ಅವರು, ಸಂಸ್ಥೆಗಳು, ವಿದ್ಯಾರ್ಥಿಗಳು, ಸ್ವಯಂಸೇವಕರು, ನಾಗರಿಕರು ಹಾಗೂ ಆಧ್ಯಾತ್ಮಿಕ ಸಂಘಟನೆಗಳು ಒಟ್ಟಾಗಿ ಕಾರ್ಯನಿರ್ವಹಿಸಿದಾಗ ಸ್ವಚ್ಛತೆ ಒಂದು ಕಾರ್ಯಕ್ರಮವಾಗಿ ಉಳಿಯದೆ ಸಮಾಜದ ಸಂಸ್ಕೃತಿ ಯಾಗುತ್ತದೆ ಎಂದು ಹೇಳಿದರು. "ಸ್ವಚ್ಛತೆ, ಆರೋಗ್ಯ, ಘನತೆ, ಪ್ರಗತಿ ಹಾಗೂ ಸುಸ್ಥಿರ ಅಭಿವೃದ್ಧಿಗೆ ಮೂಲಾಧಾರವಾಗಿದೆ. ಪ್ರತಿಯೊಬ್ಬ ನಾಗರಿಕನೂ ಸ್ವಚ್ಛತೆ ಕಾಪಾಡುವ ಜವಾಬ್ದಾರಿಯನ್ನು ಹೊಂದಿದ್ದು ಸ್ವಚ್ಛ ಭಾರತದ ಕನಸನ್ನು ನನಸು ಮಾಡಬೇಕು" ಎಂದರು. ಸಚಿವಾಲಯ ಮತ್ತು ನೈಸರ್ಗಿಕ ಅನಿಲ ಕ್ಷೇತ್ರದ ದೇಶದ ಇಂಧನ ಭದ್ರತೆಯಲ್ಲಿ ಪ್ರಮುಖ ಪಾತ್ರ ವಹಿಸುತ್ತದೆ.
ಬಂಟ್ವಾಳ: ಮಳೆಗೆ ಗುಡ್ಡದ ಬದಿ ಕುಸಿತ ಅಪಾಯದ ಅಂಚಿನಲ್ಲಿ ಮನೆಗಳು, ಆತಂಕದಲ್ಲಿ ನಿವಾಸಿಗಳು
ದೂರ ದೃಷ್ಟಿ ವಾರ್ತಾ ಬಂಟ್ವಾಳ (ದಕ್ಷಿಣ ಕನ್ನಡ) : ಕಳೆದ ಮೂರ್ನಾಲ್ಕು ದಿನಗಳಿಂದ ಸುರಿದ ಭಾರಿ ಮಳೆಗೆ ಬಂಟ್ವಾಳ ತಾಲೂಕಿನ ಪುರಸಭಾ ವ್ಯಾಪ್ತಿಯ ತಲಪಾಡಿ–ಪೊನ್ನೋಡಿ ಸಮೀಪದ ಕೊಡಿಬೈಲು ಪ್ರದೇಶದ ಅಲ್ಲಲ್ಲಿ ಧರೆ (ಗುಡ್ಡದ ಬದಿ) ಕುಸಿದು ಬಿದ್ದಿದ್ದು, ನಾಲ್ಕು ಮನೆಗಳು ಅಪಾಯದಲ್ಲಿವೆ. ಬಿ. ಸಿ. ರೋಡ್ ಸಮೀಪದ ತಲಪಾಡಿ–ಕೊಡಿಬೈಲು ನಿವಾಸಿಗಳಾದ ಕುಂಞಬ್ಬ ಬ್ಯಾರಿ, ಹಸೈನ್, ಅಬ್ದುಲ್ ಲತೀಫ್ ಎಂಬವರ ಮನೆ ಹಾಗೂ ಖಾಲಿ ಸ್ಥಳ ಅಪಾಯದಲ್ಲಿದ್ದು, ಇಲ್ಲಿ 10 ಮಕ್ಕಳು ಸೇರಿ 25 ಜನರು ವಾಸಿಸುತ್ತಿದ್ದಾರೆ. ಕಳೆದ ರಾತ್ರಿಯ ಮಳೆಯಿಂದ ಈ ಭಾಗದಲ್ಲಿ ಧರೆ ಕುಸಿದಿದ್ದು, ಇಲ್ಲಿನ ನಿವಾಸಿಗಳು ಆತಂಕದಲ್ಲಿ ದಿನ ದೂಡುತ್ತಿದ್ದಾರೆ. ಇನ್ನಷ್ಟು ಧರೆ ಕುಸಿದರೆ ಮನೆಗಳಿಗೆ ಅಪಾಯವಾಗುವ ಸಂಭವವಿದೆ. ತಡೆಗೋಡೆಯಿಲ್ಲ : ಕಳೆದ ಮೂರ್ನಾಲ್ಕು ದಿನಗಳಿಂದ ಸುರಿದ ಮಳೆಗೆ ಮಣ್ಣು ಸಡಿಲಗೊಂಡು ಗುಡ್ಡ ಜರಿಯುತ್ತಿದ್ದು, ಮನೆಗಳು ಅಪಾಯದ ಅಂಚಿನಲ್ಲಿವೆ. ಇಲ್ಲಿ ಯಾವುದೇ ತಡೆಗೋಡೆ ನಿರ್ಮಾಣವಾಗಿಲ್ಲ. ಮಳೆ ಹೆಚ್ಚಾದಂತೆ ಗುಡ್ಡ ಕುಸಿಯುತ್ತಿದ್ದು, ಮಣ್ಣು ಮನೆಯ ಗೋಡೆಗೆ ಅಪ್ಪಳಿಸುವ ಭೀತಿ ಇದೆ. ಸ್ಥಳೀಯರು ಹಲವು ಬಾರಿ ಅಧಿಕಾರಿಗಳ ಗಮನಕ್ಕೆ ತಂದರೂ ಶಾಶ್ವತ ಪರಿಹಾರ ಸಿಕ್ಕಿಲ್ಲ ಎಂದು ಇಲ್ಲಿನ ನಿವಾಸಿ ನಾಸಿರ್ ಕೊಡಿಬೈಲ್ ಆರೋಪಿಸಿದ್ದಾರೆ. ಇಲ್ಲಿ ಇನ್ನಷ್ಟು ಧರೆ ಕುಸಿಯುವ ಅಪಾಯವಿದ್ದು, ಧರೆ ಕುಸಿದ ಮನೆಗೆ ಹಾನಿಯಾಗುವ ಸಂಭವವಿದೆ. ಅದ್ದರಿಂದ ಇಲ್ಲಿ ತಡೆಗೋಡೆ ನಿರ್ಮಾಣ ಮಾಡುವಂತೆ ಒತ್ತಾಯಿಸಿದ್ದಾರೆ. ಪಿಟಾಜೆ ಮೂಲಕ ಸಮಿತಿ ಕುಸಿತವು ಸುಮಾರು 44 ವರ್ಷಗಳಿಂದ ಈ ಪ್ರದೇಶದಲ್ಲಿ ನೆಲೆಸಿದ್ದೇವೆ. ಇದು ಗುಡ್ಡ ಪ್ರದೇಶವಾಗಿದೆ. ಇಲ್ಲಿನ ಸುತ್ತಲಿನ ಜಾಗದ ಮಾಲೀಕರು ಗುಡ್ಡದ ಜಾಗವನ್ನು ಪಿಟಾಜೆ ಮೂಲಕ ಸಮತಟ್ಟು ಮಾಡಿದ್ದಾರೆ. ನಮ್ಮ ಮನೆಯ ಹತ್ತಿರದಲ್ಲೇ ಗುಡ್ಡವನ್ನು ಅವೈಜ್ಞಾನಿಕವಾಗಿ ಅಗೆಯಲಾಗಿದೆ. ಇದರಿಂದ ಗುಡ್ಡದ ಧರೆ ಅಲ್ಲಲ್ಲಿ ಕುಸಿದು ಬಿದ್ದಿದೆ. ಅದಲ್ಲದೆ ಮನೆಯ ಎದುರಿನ ಮಣ್ಣಿನಿಂದ ಪಾಲಿಕೊಂಡಿದ್ದು, ಇಂದೋ–ನಾಳೆಯೋ ಕುಸಿದು ಬೀಳುವ ಸ್ಥಿತಿಯಲ್ಲಿದೆ. ಇಲ್ಲಿ ಇನ್ನಷ್ಟು ಧರೆ ಕುಸಿಯುವ ಅಪಾಯವಿದ್ದು, ಸೂಕ್ತ ವ್ಯವಸ್ಥೆ ಕಲ್ಪಿಸಬೇಕಾಗಿದೆ ಎಂದು ಸ್ಥಳೀಯರಾದ ಕುಂಞಬ್ಬ ಬ್ಯಾರಿ ಭಾವ ತಿಳಿಸಿದರು. ಎಂಡೂ ಕಡೆಯ ಧರೆ ಕುಸಿತದಿಂದ ಈ ಭಾಗದ ರಸ್ತೆಯೂ ಸಂಚಾರ ಯೋಗ್ಯ ಹದಗೆಟ್ಟಿದೆ. ಮಕ್ಕಳಿಗೆ ಆಟವಾಡಲು ಸ್ಥಳಾವಕಾಶವೂ ಇಲ್ಲ ಈ ಭಾಗದ ಮಕ್ಕಳು ಶಾಲೆಗೆ ಆತಂಕದಲ್ಲೇ ತೆರಳಬೇಕಾದ ಪರಿಸ್ಥಿತಿ ಉಂಟಾಗಿದೆ.
